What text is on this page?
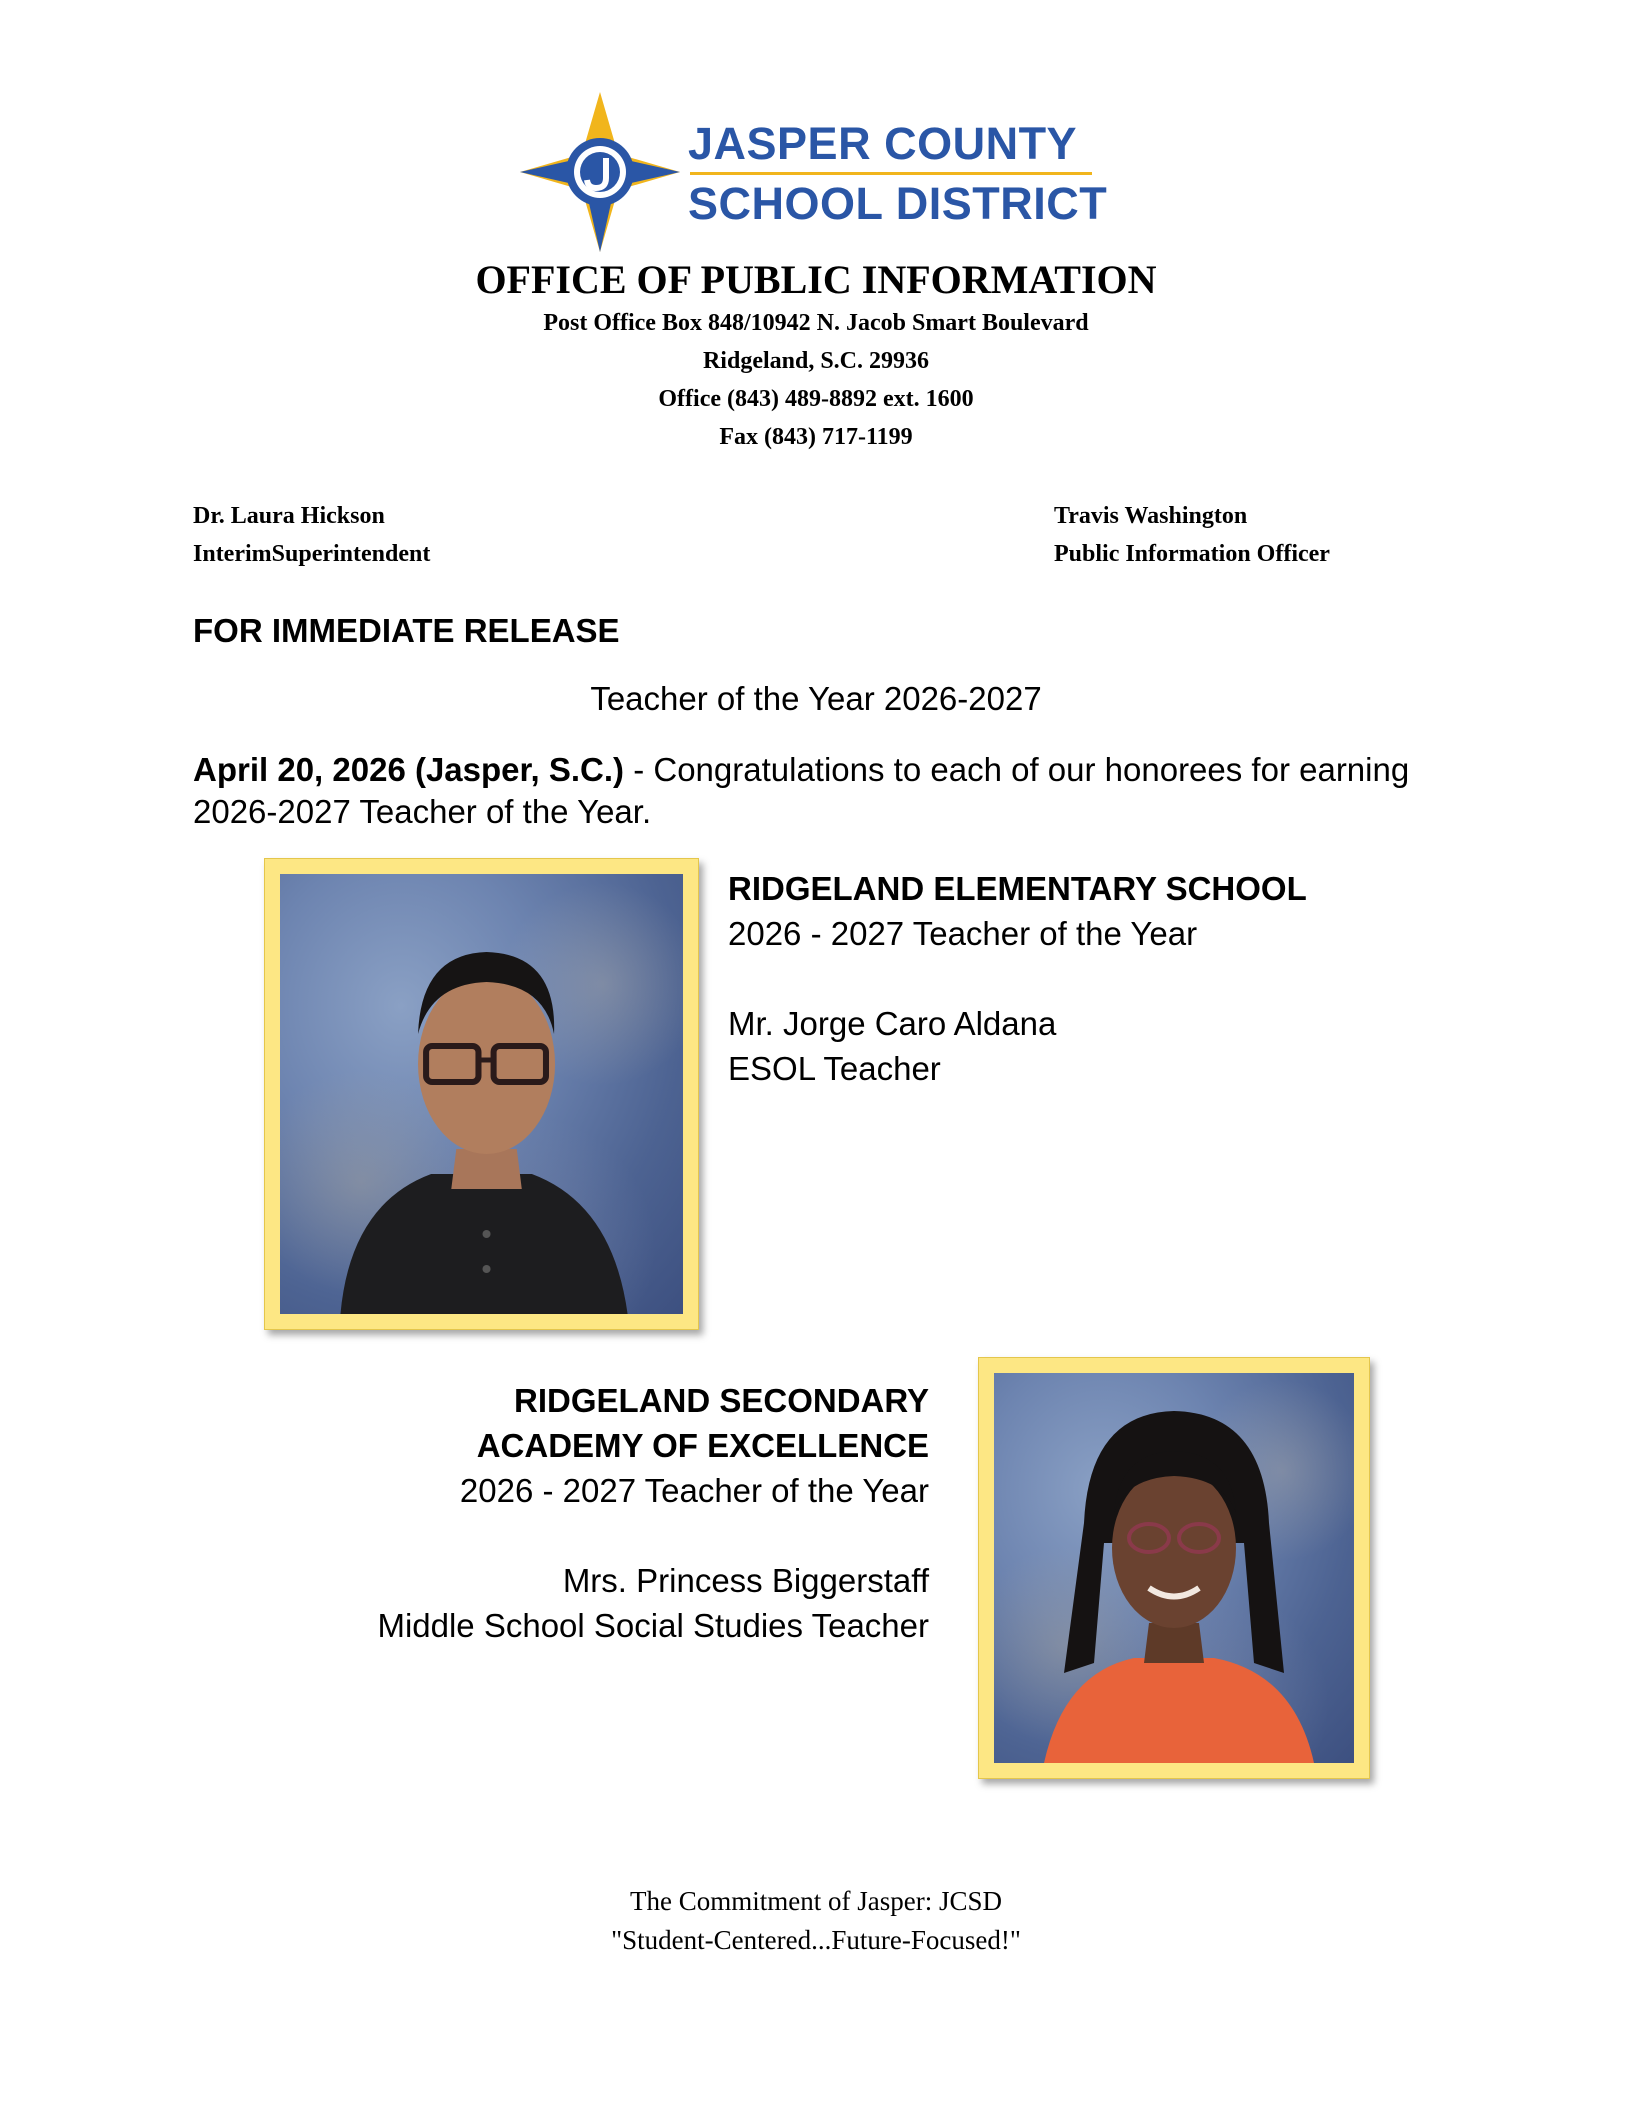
JASPER COUNTY
SCHOOL DISTRICT
OFFICE OF PUBLIC INFORMATION
Post Office Box 848/10942 N. Jacob Smart Boulevard
Ridgeland, S.C. 29936
Office (843) 489-8892 ext. 1600
Fax (843) 717-1199
Dr. Laura Hickson
InterimSuperintendent
Travis Washington
Public Information Officer
FOR IMMEDIATE RELEASE
Teacher of the Year 2026-2027
April 20, 2026 (Jasper, S.C.) - Congratulations to each of our honorees for earning 2026-2027 Teacher of the Year.
RIDGELAND ELEMENTARY SCHOOL
2026 - 2027 Teacher of the Year
Mr. Jorge Caro Aldana
ESOL Teacher
RIDGELAND SECONDARY
ACADEMY OF EXCELLENCE
2026 - 2027 Teacher of the Year
Mrs. Princess Biggerstaff
Middle School Social Studies Teacher
The Commitment of Jasper: JCSD
"Student-Centered...Future-Focused!"
